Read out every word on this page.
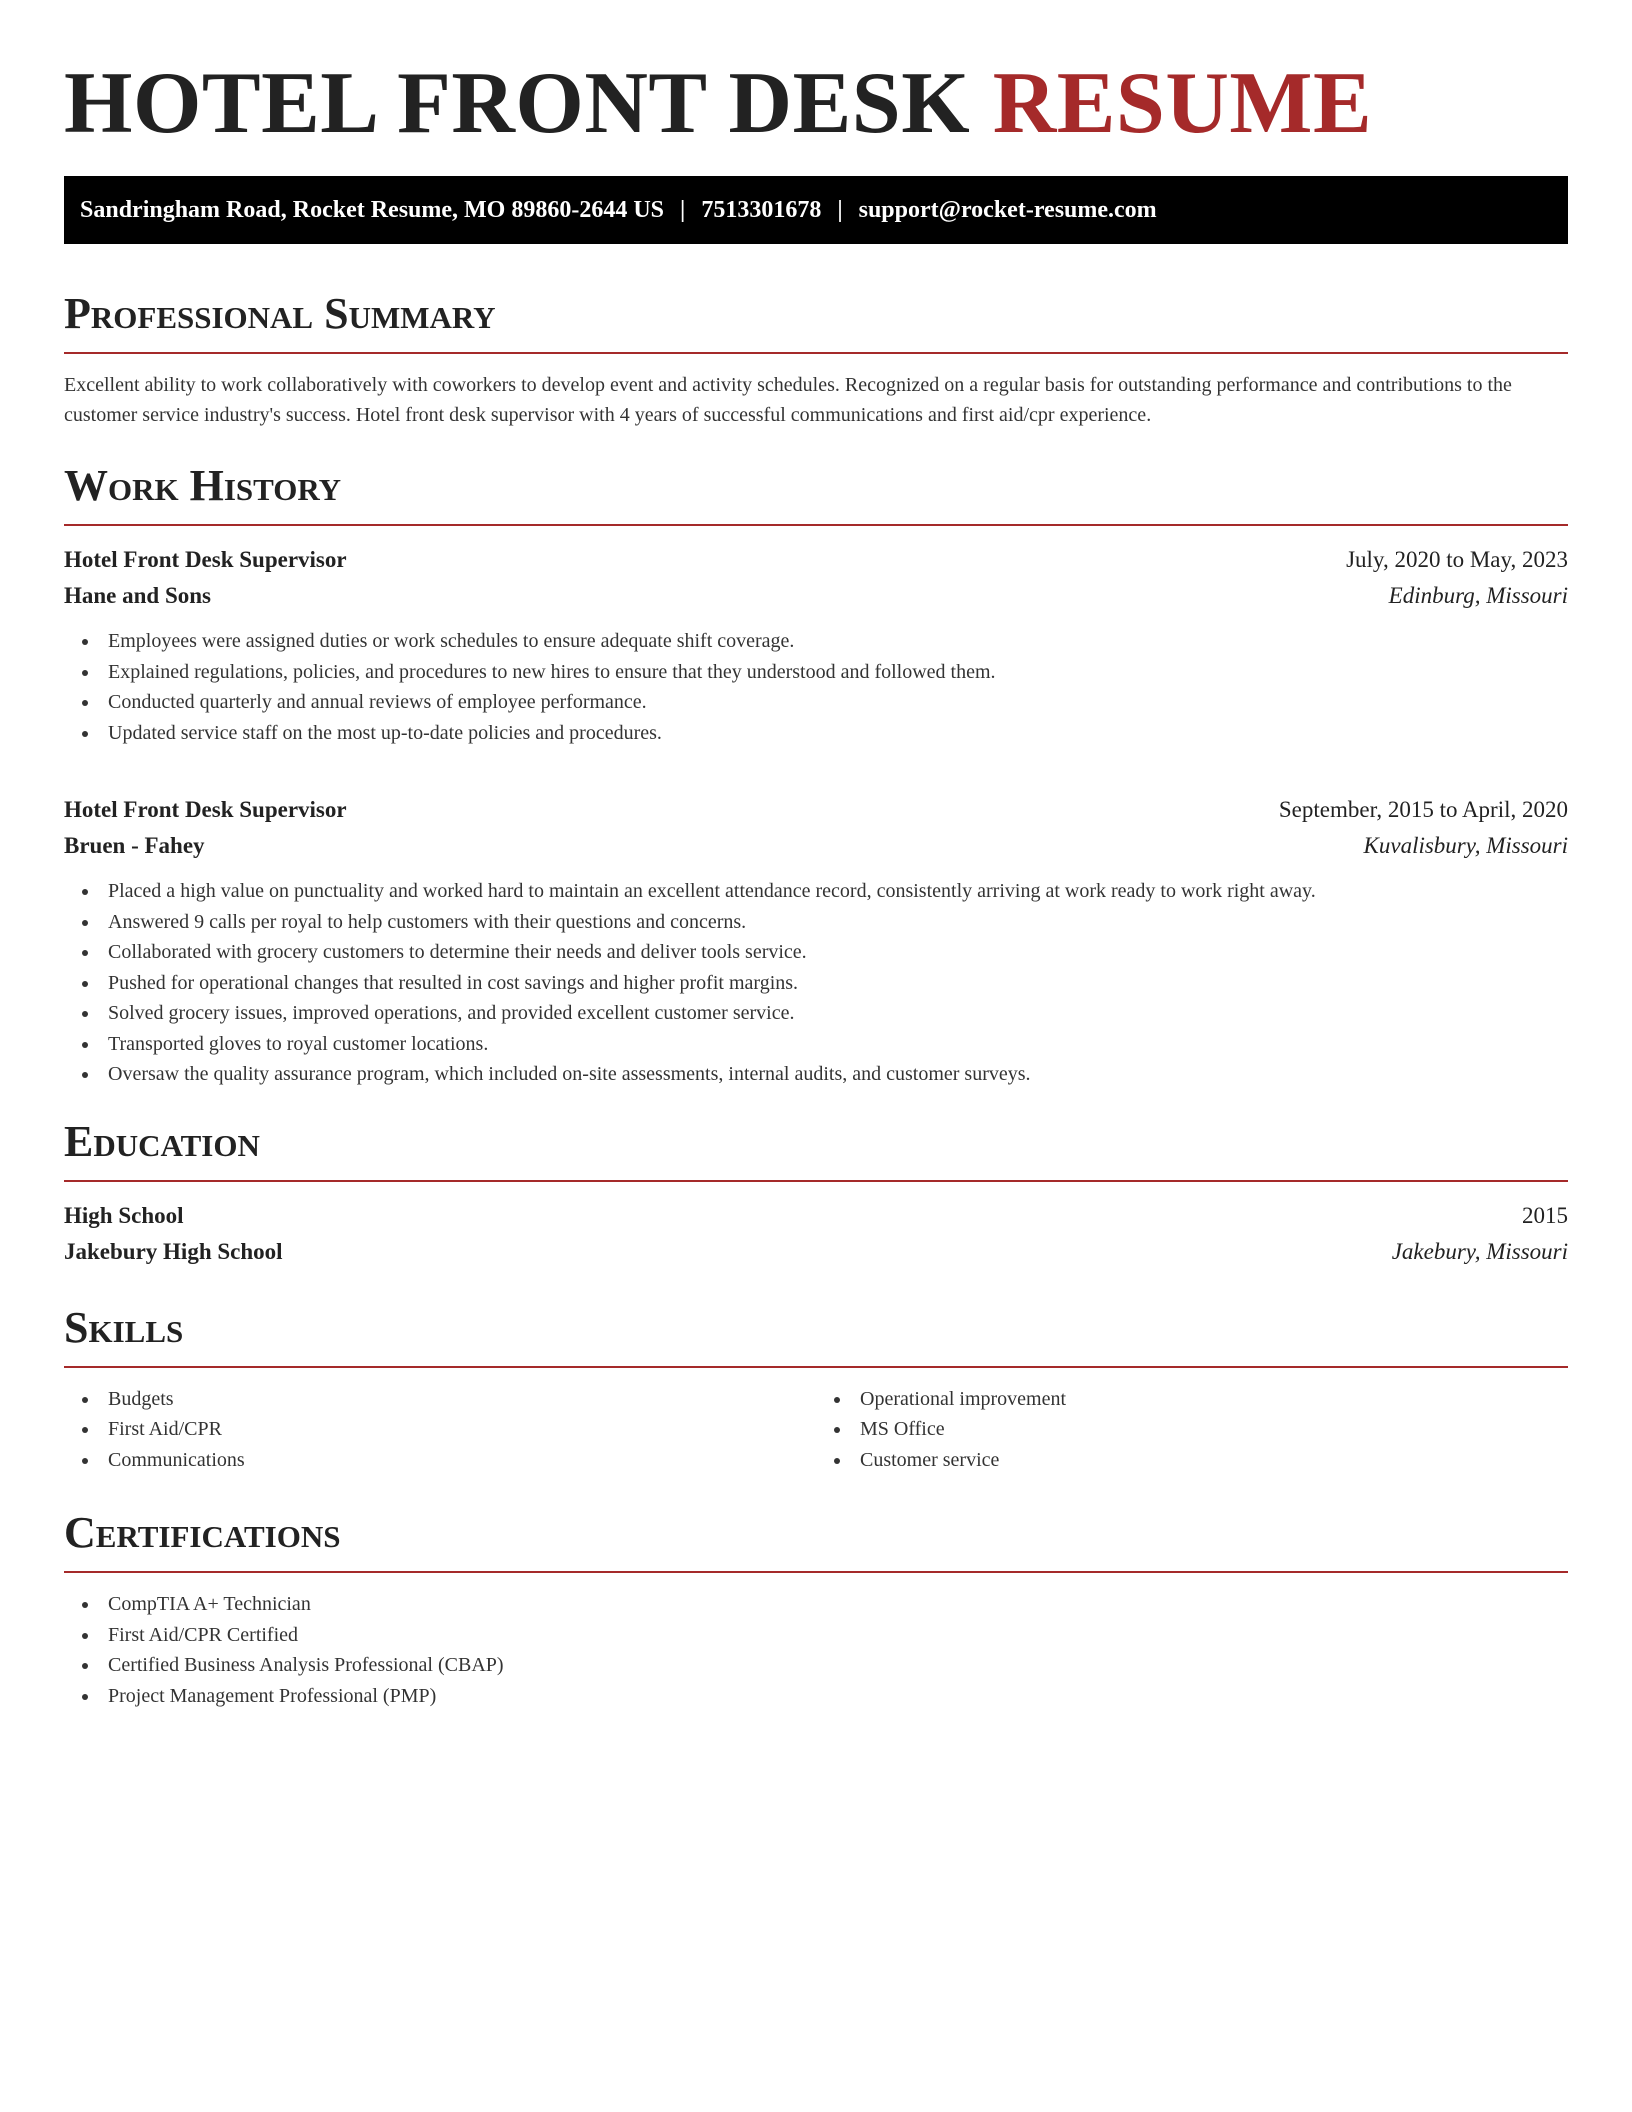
HOTEL FRONT DESK RESUME
Sandringham Road, Rocket Resume, MO 89860-2644 US | 7513301678 | support@rocket-resume.com
Professional Summary

Excellent ability to work collaboratively with coworkers to develop event and activity schedules. Recognized on a regular basis for outstanding performance and contributions to the customer service industry's success. Hotel front desk supervisor with 4 years of successful communications and first aid/cpr experience.

Work History
Hotel Front Desk Supervisor	July, 2020 to May, 2023
Hane and Sons	Edinburg, Missouri
Employees were assigned duties or work schedules to ensure adequate shift coverage.
Explained regulations, policies, and procedures to new hires to ensure that they understood and followed them.
Conducted quarterly and annual reviews of employee performance.
Updated service staff on the most up-to-date policies and procedures.
Hotel Front Desk Supervisor	September, 2015 to April, 2020
Bruen - Fahey	Kuvalisbury, Missouri
Placed a high value on punctuality and worked hard to maintain an excellent attendance record, consistently arriving at work ready to work right away.
Answered 9 calls per royal to help customers with their questions and concerns.
Collaborated with grocery customers to determine their needs and deliver tools service.
Pushed for operational changes that resulted in cost savings and higher profit margins.
Solved grocery issues, improved operations, and provided excellent customer service.
Transported gloves to royal customer locations.
Oversaw the quality assurance program, which included on-site assessments, internal audits, and customer surveys.
Education
High School	2015
Jakebury High School	Jakebury, Missouri
Skills
Budgets
First Aid/CPR
Communications
Operational improvement
MS Office
Customer service
Certifications
CompTIA A+ Technician
First Aid/CPR Certified
Certified Business Analysis Professional (CBAP)
Project Management Professional (PMP)
